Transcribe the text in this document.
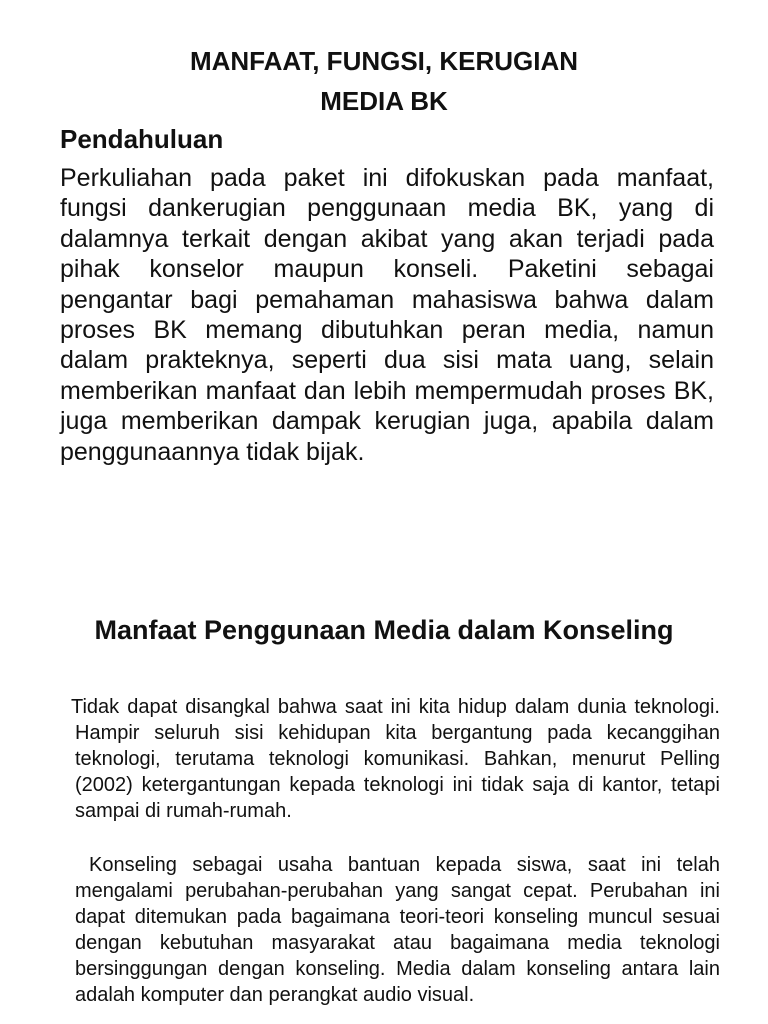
MANFAAT, FUNGSI, KERUGIAN
MEDIA BK
Pendahuluan

Perkuliahan pada paket ini difokuskan pada manfaat, fungsi dankerugian penggunaan media BK, yang di dalamnya terkait dengan akibat yang akan terjadi pada pihak konselor maupun konseli. Paketini sebagai pengantar bagi pemahaman mahasiswa bahwa dalam proses BK memang dibutuhkan peran media, namun dalam prakteknya, seperti dua sisi mata uang, selain memberikan manfaat dan lebih mempermudah proses BK, juga memberikan dampak kerugian juga, apabila dalam penggunaannya tidak bijak.

Manfaat Penggunaan Media dalam Konseling

Tidak dapat disangkal bahwa saat ini kita hidup dalam dunia teknologi. Hampir seluruh sisi kehidupan kita bergantung pada kecanggihan teknologi, terutama teknologi komunikasi. Bahkan, menurut Pelling (2002) ketergantungan kepada teknologi ini tidak saja di kantor, tetapi sampai di rumah-rumah.

Konseling sebagai usaha bantuan kepada siswa, saat ini telah mengalami perubahan-perubahan yang sangat cepat. Perubahan ini dapat ditemukan pada bagaimana teori-teori konseling muncul sesuai dengan kebutuhan masyarakat atau bagaimana media teknologi bersinggungan dengan konseling. Media dalam konseling antara lain adalah komputer dan perangkat audio visual.
